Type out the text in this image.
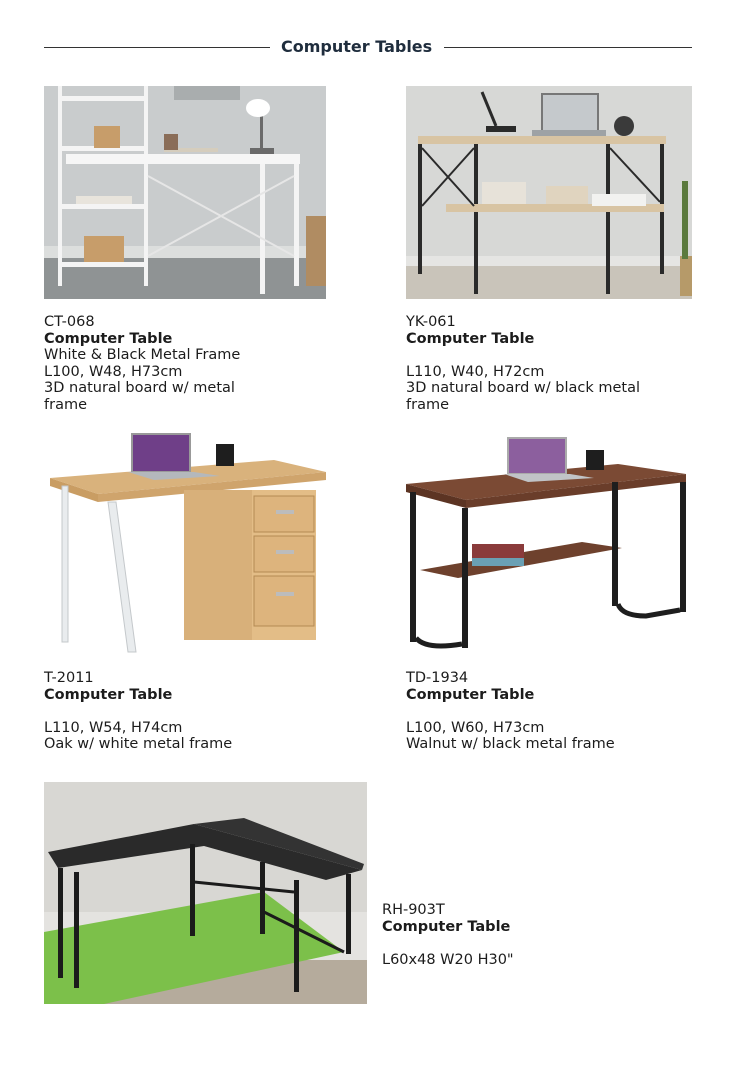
Computer Tables
CT-068
Computer Table
White & Black Metal Frame
L100, W48, H73cm
3D natural board w/ metal
frame
YK-061
Computer Table
L110, W40, H72cm
3D natural board w/ black metal
frame
T-2011
Computer Table
L110, W54, H74cm
Oak w/ white metal frame
TD-1934
Computer Table
L100, W60, H73cm
Walnut w/ black metal frame
RH-903T
Computer Table
L60x48 W20 H30"
